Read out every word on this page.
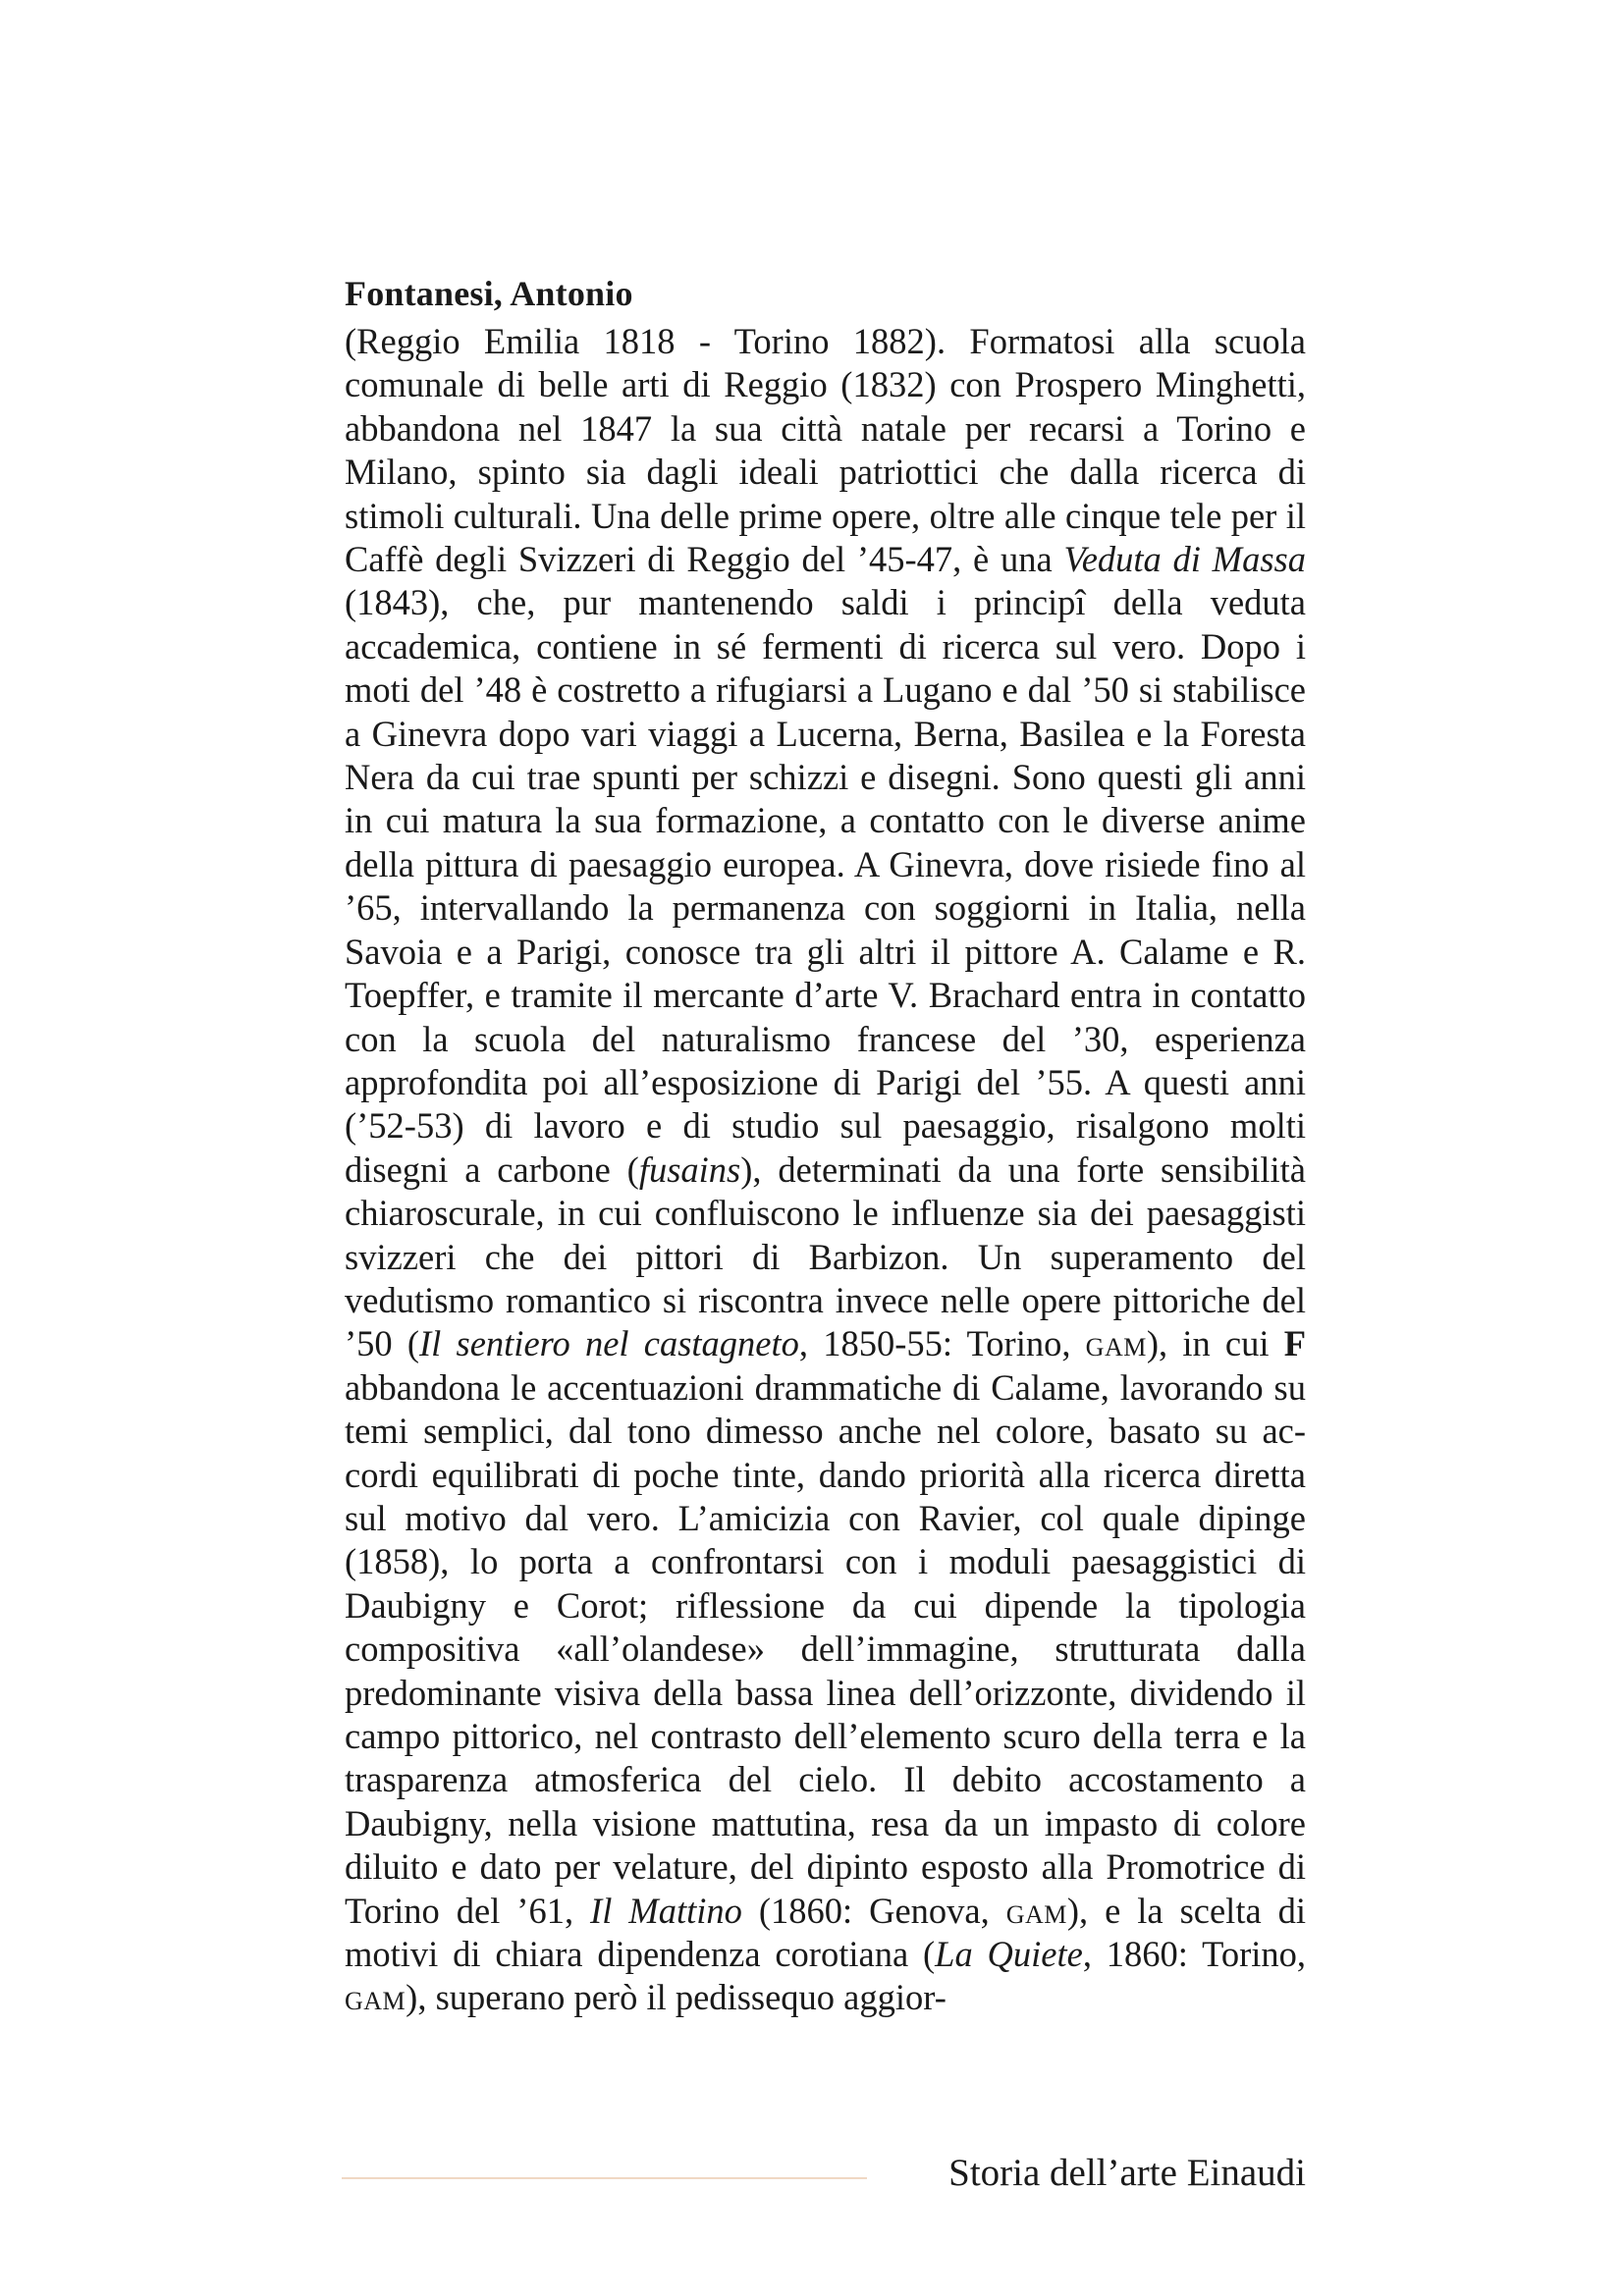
Fontanesi, Antonio

(Reggio Emilia 1818 - Torino 1882). Formatosi alla scuola comunale di belle arti di Reggio (1832) con Prospero Minghetti, abbandona nel 1847 la sua città natale per recarsi a Torino e Milano, spinto sia dagli ideali patriottici che dalla ricerca di stimoli culturali. Una delle prime opere, oltre alle cinque tele per il Caffè degli Svizzeri di Reggio del ’45-47, è una Veduta di Massa (1843), che, pur mantenendo saldi i principî della veduta accademica, contiene in sé fermenti di ricerca sul vero. Dopo i moti del ’48 è costretto a rifugiarsi a Lugano e dal ’50 si stabilisce a Ginevra dopo vari viaggi a Lucerna, Berna, Basilea e la Foresta Nera da cui trae spunti per schizzi e disegni. Sono questi gli anni in cui matura la sua formazione, a contatto con le diverse anime della pittura di paesaggio europea. A Ginevra, dove risiede fino al ’65, intervallando la permanenza con soggiorni in Italia, nella Savoia e a Parigi, conosce tra gli altri il pittore A. Calame e R. Toepffer, e tramite il mercante d’arte V. Brachard entra in contatto con la scuola del naturalismo francese del ’30, esperienza approfondita poi all’esposizione di Parigi del ’55. A questi anni (’52-53) di lavoro e di studio sul paesaggio, risalgono molti disegni a carbone (fusains), determinati da una forte sensibilità chiaroscurale, in cui confluiscono le influenze sia dei paesaggisti svizzeri che dei pittori di Barbizon. Un superamento del vedutismo romantico si riscontra invece nelle opere pittoriche del ’50 (Il sentiero nel castagneto, 1850-55: Torino, gam), in cui F abbandona le accentuazioni drammatiche di Calame, lavorando su temi semplici, dal tono dimesso anche nel colore, basato su accordi equilibrati di poche tinte, dando priorità alla ricerca diretta sul motivo dal vero. L’amicizia con Ravier, col quale dipinge (1858), lo porta a confrontarsi con i moduli paesaggistici di Daubigny e Corot; riflessione da cui dipende la tipologia compositiva «all’olandese» dell’immagine, strutturata dalla predominante visiva della bassa linea dell’orizzonte, dividendo il campo pittorico, nel contrasto dell’elemento scuro della terra e la trasparenza atmosferica del cielo. Il debito accostamento a Daubigny, nella visione mattutina, resa da un impasto di colore diluito e dato per velature, del dipinto esposto alla Promotrice di Torino del ’61, Il Mattino (1860: Genova, gam), e la scelta di motivi di chiara dipendenza corotiana (La Quiete, 1860: Torino, gam), superano però il pedissequo aggior-

Storia dell’arte Einaudi
